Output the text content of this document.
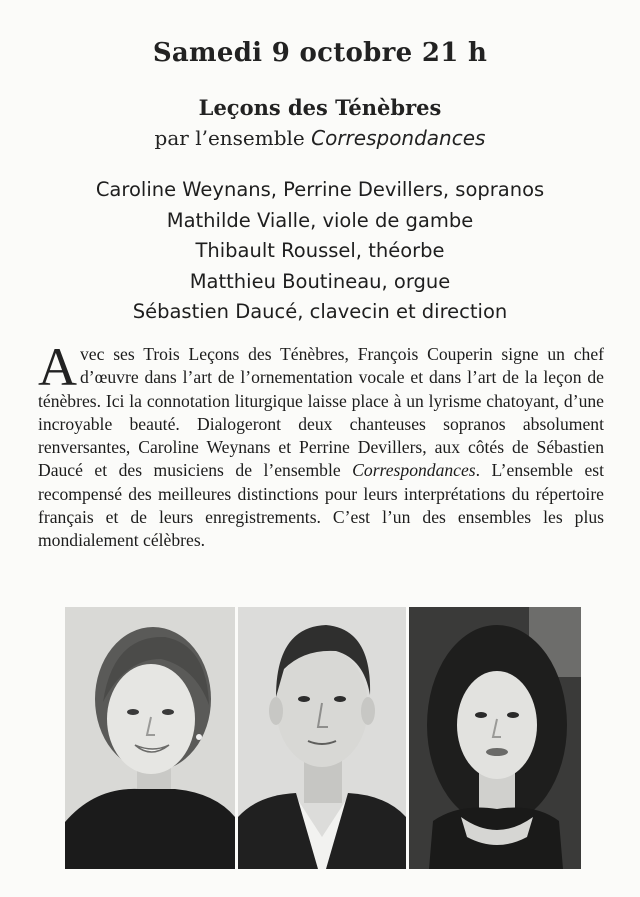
Samedi 9 octobre 21 h
Leçons des Ténèbres
par l’ensemble Correspondances
Caroline Weynans, Perrine Devillers, sopranos
Mathilde Vialle, viole de gambe
Thibault Roussel, théorbe
Matthieu Boutineau, orgue
Sébastien Daucé, clavecin et direction
Avec ses Trois Leçons des Ténèbres, François Couperin signe un chef d’œuvre dans l’art de l’ornementation vocale et dans l’art de la leçon de ténèbres. Ici la connotation liturgique laisse place à un lyrisme chatoyant, d’une incroyable beauté. Dialogeront deux chanteuses sopranos absolument renversantes, Caroline Weynans et Perrine Devillers, aux côtés de Sébastien Daucé et des musiciens de l’ensemble Correspondances. L’ensemble est recompensé des meilleures distinctions pour leurs interprétations du répertoire français et de leurs enregistrements. C’est l’un des ensembles les plus mondialement célèbres.
